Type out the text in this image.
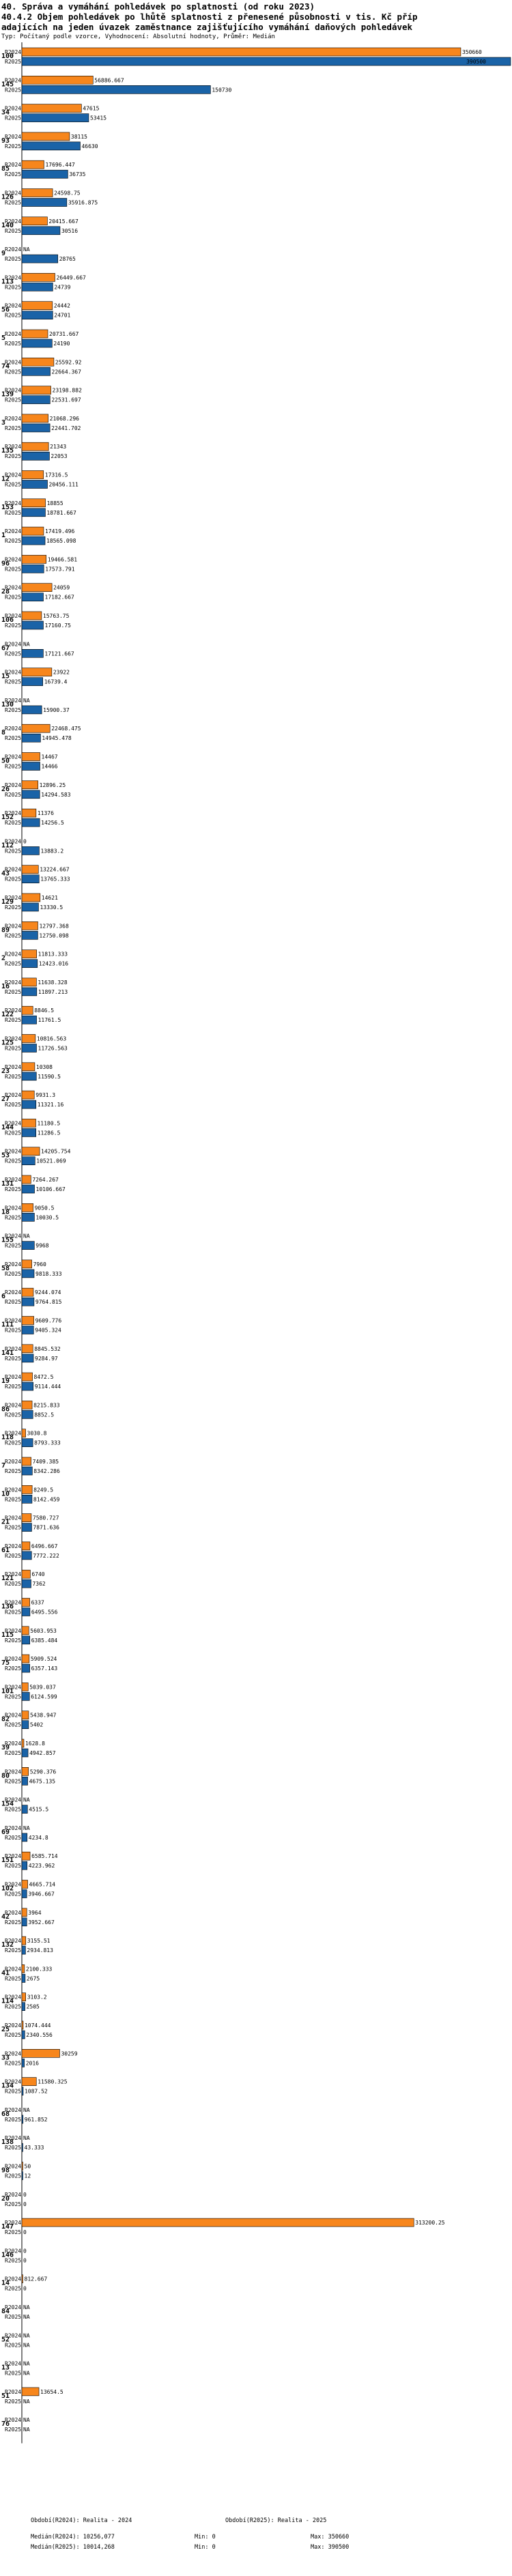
40. Správa a vymáhání pohledávek po splatnosti (od roku 2023)
40.4.2 Objem pohledávek po lhůtě splatnosti z přenesené působnosti v tis. Kč příp
adajících na jeden úvazek zaměstnance zajišťujícího vymáhání daňových pohledávek
Typ: Počítaný podle vzorce, Vyhodnocení: Absolutní hodnoty, Průměr: Medián
100
R2024	350660
R2025	390500
145
R2024	56886.667
R2025	150730
34
R2024	47615
R2025	53415
93
R2024	38115
R2025	46630
85
R2024	17696.447
R2025	36735
126
R2024	24598.75
R2025	35916.875
140
R2024	20415.667
R2025	30516
9
R2024 NA
R2025	28765
113
R2024	26449.667
R2025	24739
56
R2024	24442
R2025	24701
5
R2024	20731.667
R2025	24190
74
R2024	25592.92
R2025	22664.367
139
R2024	23198.882
R2025	22531.697
3
R2024	21068.296
R2025	22441.702
135
R2024	21343
R2025	22053
12
R2024	17316.5
R2025	20456.111
153
R2024	18855
R2025	18781.667
1
R2024	17419.496
R2025	18565.098
96
R2024	19466.581
R2025	17573.791
28
R2024	24059
R2025	17182.667
106
R2024	15763.75
R2025	17160.75
67
R2024 NA
R2025	17121.667
15
R2024	23922
R2025	16739.4
130
R2024 NA
R2025	15900.37
8
R2024	22468.475
R2025	14945.478
50
R2024	14467
R2025	14466
26
R2024	12896.25
R2025	14294.583
152
R2024	11376
R2025	14256.5
112
R2024 0
R2025	13883.2
43
R2024	13224.667
R2025	13765.333
129
R2024	14621
R2025	13330.5
89
R2024	12797.368
R2025	12750.098
2
R2024	11813.333
R2025	12423.016
16
R2024	11638.328
R2025	11897.213
122
R2024 8846.5
R2025	11761.5
125
R2024	10816.563
R2025	11726.563
23
R2024	10308
R2025	11590.5
27
R2024	9931.3
R2025	11321.16
144
R2024	11180.5
R2025	11286.5
53
R2024	14205.754
R2025	10521.069
131
R2024 7264.267
R2025	10106.667
18
R2024 9050.5
R2025	10030.5
155
R2024 NA
R2025	9968
58
R2024 7960
R2025	9818.333
6
R2024 9244.074
R2025	9764.815
111
R2024	9609.776
R2025	9405.324
141
R2024 8845.532
R2025 9284.97
19
R2024 8472.5
R2025 9114.444
86
R2024 8215.833
R2025 8852.5
118
R2024 3030.8
R2025 8793.333
7
R2024 7409.385
R2025 8342.286
10
R2024 8249.5
R2025 8142.459
21
R2024 7580.727
R2025 7871.636
61
R2024 6496.667
R2025 7772.222
121
R2024 6740
R2025 7362
136
R2024 6337
R2025 6495.556
115
R2024 5603.953
R2025 6385.484
75
R2024 5909.524
R2025 6357.143
101
R2024 5039.037
R2025 6124.599
82
R2024 5438.947
R2025 5402
39
R2024 1628.8
R2025 4942.857
80
R2024 5290.376
R2025 4675.135
154
R2024 NA
R2025 4515.5
69
R2024 NA
R2025 4234.8
151
R2024 6585.714
R2025 4223.962
102
R2024 4665.714
R2025 3946.667
42
R2024 3964
R2025 3952.667
132
R2024 3155.51
R2025 2934.813
41
R2024 2100.333
R2025 2675
114
R2024 3103.2
R2025 2505
25
R2024 1074.444
R2025 2340.556
33
R2024	30259
R2025 2016
134
R2024	11580.325
R2025 1087.52
68
R2024 NA
R2025 961.852
138
R2024 NA
R2025 43.333
98
R2024 50
R2025 12
20
R2024 0
R2025 0
147
R2024	313200.25
R2025 0
146
R2024 0
R2025 0
14
R2024 812.667
R2025 0
84
R2024 NA
R2025 NA
52
R2024 NA
R2025 NA
13
R2024 NA
R2025 NA
51
R2024	13654.5
R2025 NA
76
R2024 NA
R2025 NA
Období(R2024): Realita - 2024	Období(R2025): Realita - 2025
Medián(R2024): 10256,077	Min: 0	Max: 350660
Medián(R2025): 10014,268	Min: 0	Max: 390500
